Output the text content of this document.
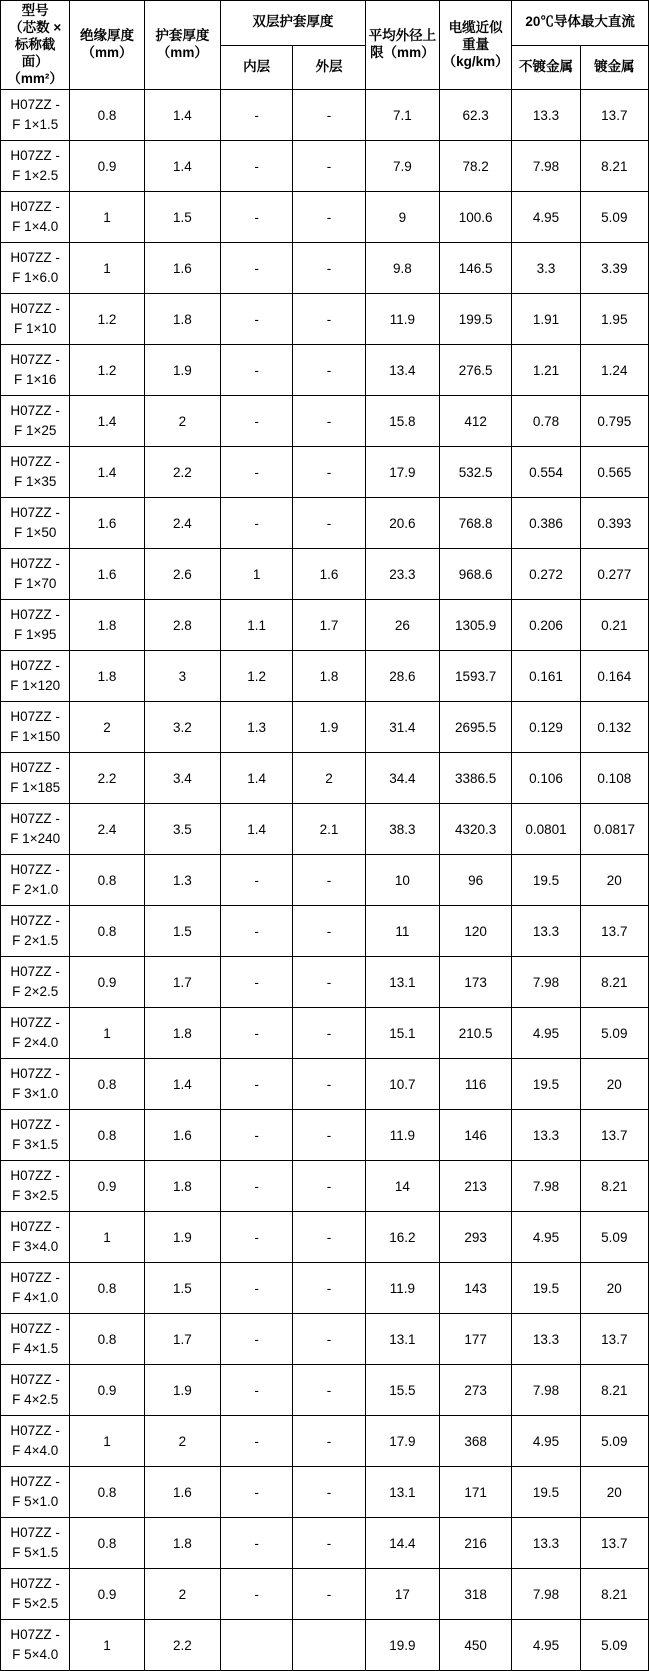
型号
（芯数 ×
标称截
面）
（mm²）	绝缘厚度（mm）	护套厚度（mm）	双层护套厚度		平均外径上限（mm）	电缆近似重量（kg/km）	20℃导体最大直流	
			内层	外层			不镀金属	镀金属

H07ZZ -
F 1×1.5	0.8	1.4	-	-	7.1	62.3	13.3	13.7

H07ZZ -
F 1×2.5	0.9	1.4	-	-	7.9	78.2	7.98	8.21

H07ZZ -
F 1×4.0	1	1.5	-	-	9	100.6	4.95	5.09

H07ZZ -
F 1×6.0	1	1.6	-	-	9.8	146.5	3.3	3.39

H07ZZ -
F 1×10	1.2	1.8	-	-	11.9	199.5	1.91	1.95

H07ZZ -
F 1×16	1.2	1.9	-	-	13.4	276.5	1.21	1.24

H07ZZ -
F 1×25	1.4	2	-	-	15.8	412	0.78	0.795

H07ZZ -
F 1×35	1.4	2.2	-	-	17.9	532.5	0.554	0.565

H07ZZ -
F 1×50	1.6	2.4	-	-	20.6	768.8	0.386	0.393

H07ZZ -
F 1×70	1.6	2.6	1	1.6	23.3	968.6	0.272	0.277

H07ZZ -
F 1×95	1.8	2.8	1.1	1.7	26	1305.9	0.206	0.21

H07ZZ -
F 1×120	1.8	3	1.2	1.8	28.6	1593.7	0.161	0.164

H07ZZ -
F 1×150	2	3.2	1.3	1.9	31.4	2695.5	0.129	0.132

H07ZZ -
F 1×185	2.2	3.4	1.4	2	34.4	3386.5	0.106	0.108

H07ZZ -
F 1×240	2.4	3.5	1.4	2.1	38.3	4320.3	0.0801	0.0817

H07ZZ -
F 2×1.0	0.8	1.3	-	-	10	96	19.5	20

H07ZZ -
F 2×1.5	0.8	1.5	-	-	11	120	13.3	13.7

H07ZZ -
F 2×2.5	0.9	1.7	-	-	13.1	173	7.98	8.21

H07ZZ -
F 2×4.0	1	1.8	-	-	15.1	210.5	4.95	5.09

H07ZZ -
F 3×1.0	0.8	1.4	-	-	10.7	116	19.5	20

H07ZZ -
F 3×1.5	0.8	1.6	-	-	11.9	146	13.3	13.7

H07ZZ -
F 3×2.5	0.9	1.8	-	-	14	213	7.98	8.21

H07ZZ -
F 3×4.0	1	1.9	-	-	16.2	293	4.95	5.09

H07ZZ -
F 4×1.0	0.8	1.5	-	-	11.9	143	19.5	20

H07ZZ -
F 4×1.5	0.8	1.7	-	-	13.1	177	13.3	13.7

H07ZZ -
F 4×2.5	0.9	1.9	-	-	15.5	273	7.98	8.21

H07ZZ -
F 4×4.0	1	2	-	-	17.9	368	4.95	5.09

H07ZZ -
F 5×1.0	0.8	1.6	-	-	13.1	171	19.5	20

H07ZZ -
F 5×1.5	0.8	1.8	-	-	14.4	216	13.3	13.7

H07ZZ -
F 5×2.5	0.9	2	-	-	17	318	7.98	8.21

H07ZZ -
F 5×4.0	1	2.2			19.9	450	4.95	5.09
